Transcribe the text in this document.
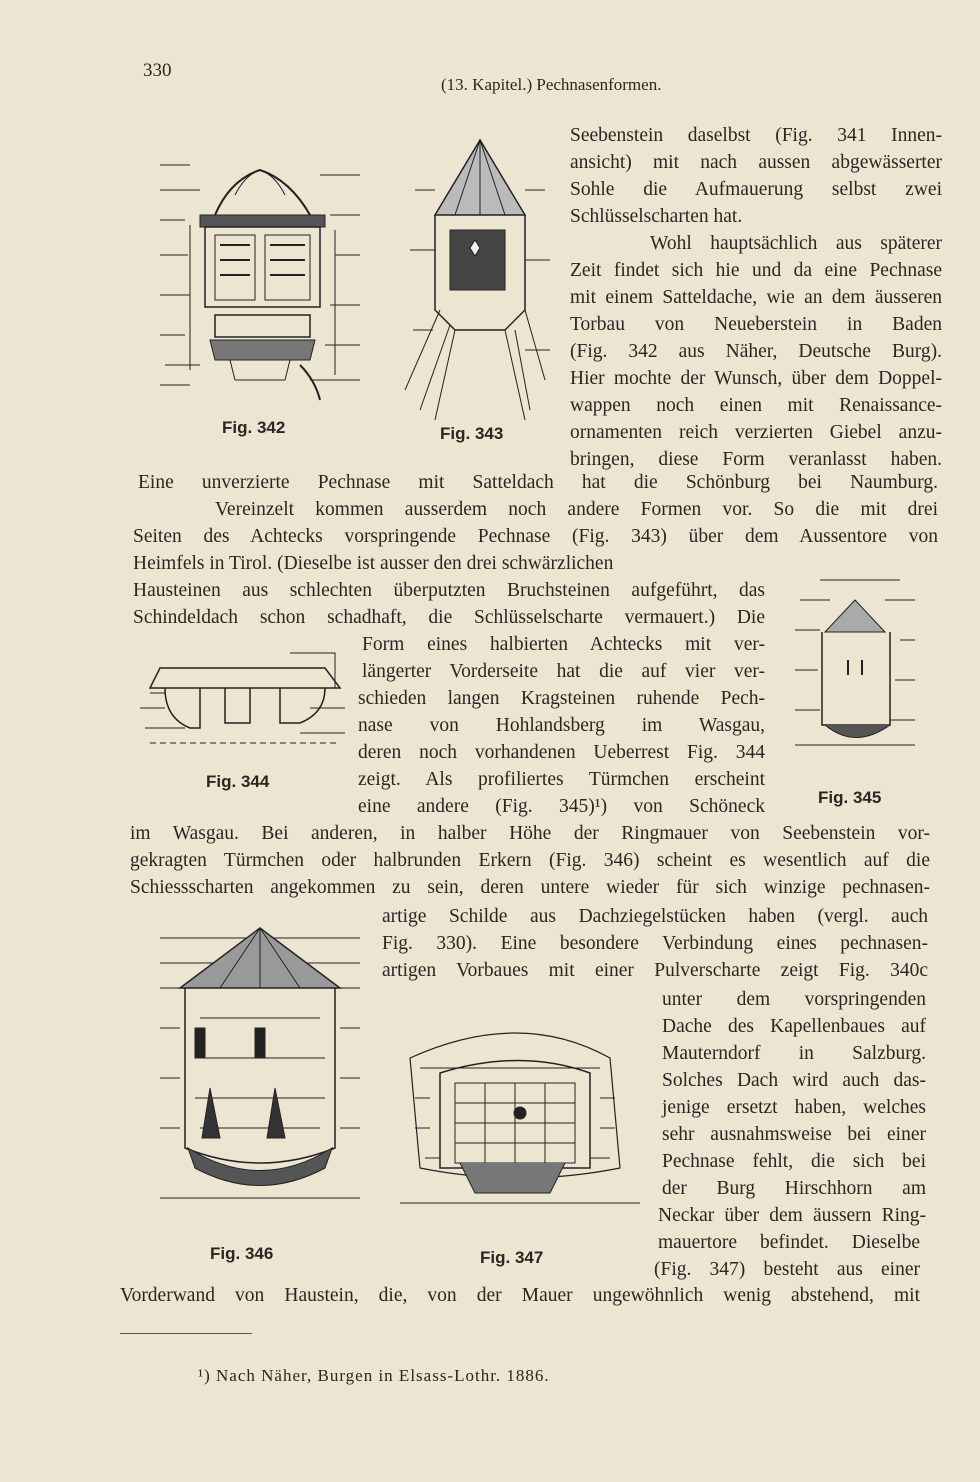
330
(13. Kapitel.) Pechnasenformen.
Fig. 342	Fig. 343
Fig. 344
Fig. 345
Fig. 346	Fig. 347
Seebenstein daselbst (Fig. 341 Innen-
ansicht) mit nach aussen abgewässerter
Sohle die Aufmauerung selbst zwei
Schlüsselscharten hat.
Wohl hauptsächlich aus späterer
Zeit findet sich hie und da eine Pechnase
mit einem Satteldache, wie an dem äusseren
Torbau von Neueberstein in Baden
(Fig. 342 aus Näher, Deutsche Burg).
Hier mochte der Wunsch, über dem Doppel-
wappen noch einen mit Renaissance-
ornamenten reich verzierten Giebel anzu-
bringen, diese Form veranlasst haben.
Eine unverzierte Pechnase mit Satteldach hat die Schönburg bei Naumburg.
Vereinzelt kommen ausserdem noch andere Formen vor. So die mit drei
Seiten des Achtecks vorspringende Pechnase (Fig. 343) über dem Aussentore von
Heimfels in Tirol. (Dieselbe ist ausser den drei schwärzlichen
Hausteinen aus schlechten überputzten Bruchsteinen aufgeführt, das
Schindeldach schon schadhaft, die Schlüsselscharte vermauert.) Die
Form eines halbierten Achtecks mit ver-
längerter Vorderseite hat die auf vier ver-
schieden langen Kragsteinen ruhende Pech-
nase von Hohlandsberg im Wasgau,
deren noch vorhandenen Ueberrest Fig. 344
zeigt. Als profiliertes Türmchen erscheint
eine andere (Fig. 345)¹) von Schöneck
im Wasgau. Bei anderen, in halber Höhe der Ringmauer von Seebenstein vor-
gekragten Türmchen oder halbrunden Erkern (Fig. 346) scheint es wesentlich auf die
Schiessscharten angekommen zu sein, deren untere wieder für sich winzige pechnasen-
artige Schilde aus Dachziegelstücken haben (vergl. auch
Fig. 330). Eine besondere Verbindung eines pechnasen-
artigen Vorbaues mit einer Pulverscharte zeigt Fig. 340c
unter dem vorspringenden
Dache des Kapellenbaues auf
Mauterndorf in Salzburg.
Solches Dach wird auch das-
jenige ersetzt haben, welches
sehr ausnahmsweise bei einer
Pechnase fehlt, die sich bei
der Burg Hirschhorn am
Neckar über dem äussern Ring-
mauertore befindet. Dieselbe
(Fig. 347) besteht aus einer
Vorderwand von Haustein, die, von der Mauer ungewöhnlich wenig abstehend, mit
¹) Nach Näher, Burgen in Elsass-Lothr. 1886.
